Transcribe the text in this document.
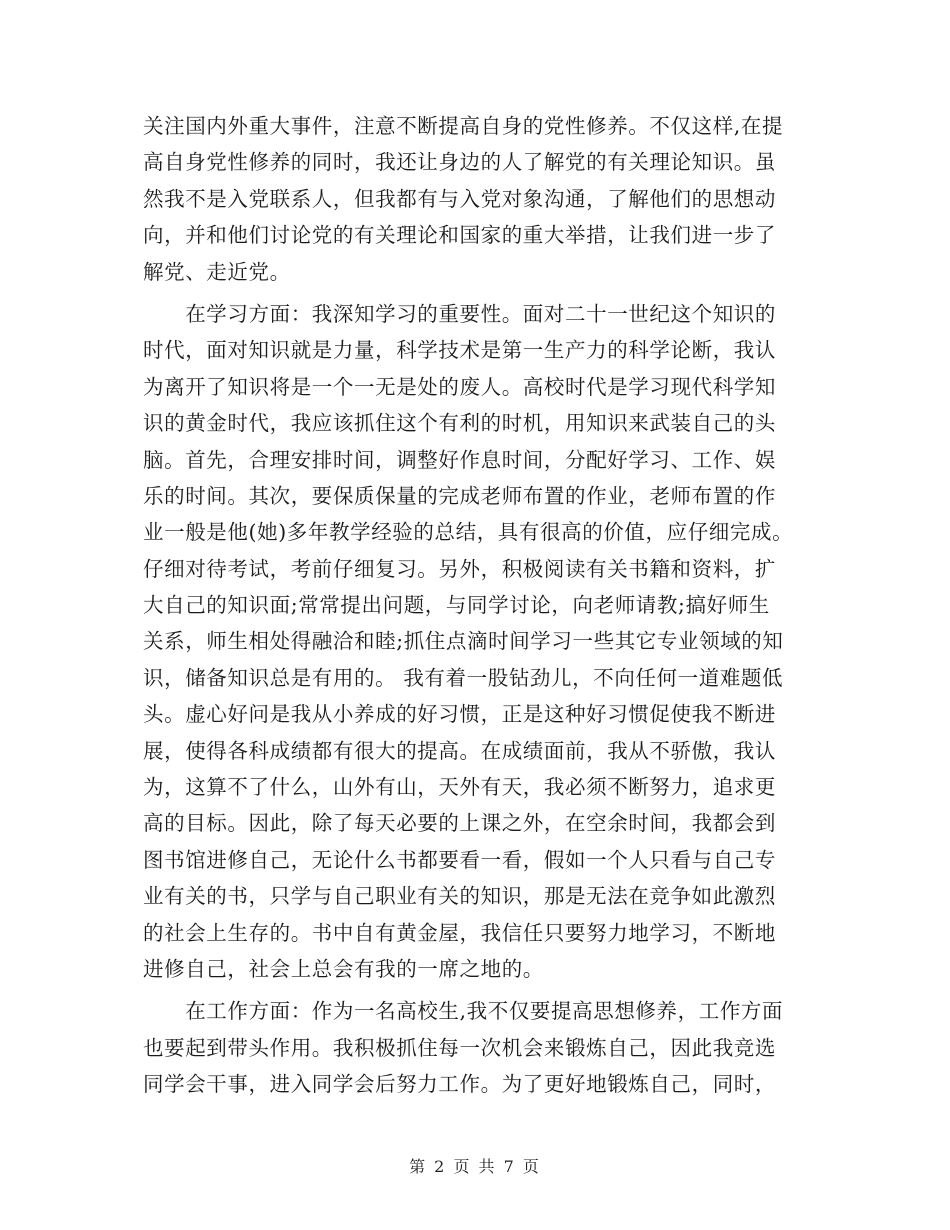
关注国内外重大事件，注意不断提高自身的党性修养。不仅这样,在提
高自身党性修养的同时，我还让身边的人了解党的有关理论知识。虽
然我不是入党联系人，但我都有与入党对象沟通，了解他们的思想动
向，并和他们讨论党的有关理论和国家的重大举措，让我们进一步了
解党、走近党。
　　在学习方面：我深知学习的重要性。面对二十一世纪这个知识的
时代，面对知识就是力量，科学技术是第一生产力的科学论断，我认
为离开了知识将是一个一无是处的废人。高校时代是学习现代科学知
识的黄金时代，我应该抓住这个有利的时机，用知识来武装自己的头
脑。首先，合理安排时间，调整好作息时间，分配好学习、工作、娱
乐的时间。其次，要保质保量的完成老师布置的作业，老师布置的作
业一般是他(她)多年教学经验的总结，具有很高的价值，应仔细完成。
仔细对待考试，考前仔细复习。另外，积极阅读有关书籍和资料，扩
大自己的知识面;常常提出问题，与同学讨论，向老师请教;搞好师生
关系，师生相处得融洽和睦;抓住点滴时间学习一些其它专业领域的知
识，储备知识总是有用的。 我有着一股钻劲儿，不向任何一道难题低
头。虚心好问是我从小养成的好习惯，正是这种好习惯促使我不断进
展，使得各科成绩都有很大的提高。在成绩面前，我从不骄傲，我认
为，这算不了什么，山外有山，天外有天，我必须不断努力，追求更
高的目标。因此，除了每天必要的上课之外，在空余时间，我都会到
图书馆进修自己，无论什么书都要看一看，假如一个人只看与自己专
业有关的书，只学与自己职业有关的知识，那是无法在竞争如此激烈
的社会上生存的。书中自有黄金屋，我信任只要努力地学习，不断地
进修自己，社会上总会有我的一席之地的。
　　在工作方面：作为一名高校生,我不仅要提高思想修养，工作方面
也要起到带头作用。我积极抓住每一次机会来锻炼自己，因此我竞选
同学会干事，进入同学会后努力工作。为了更好地锻炼自己，同时，
第 2 页 共 7 页
